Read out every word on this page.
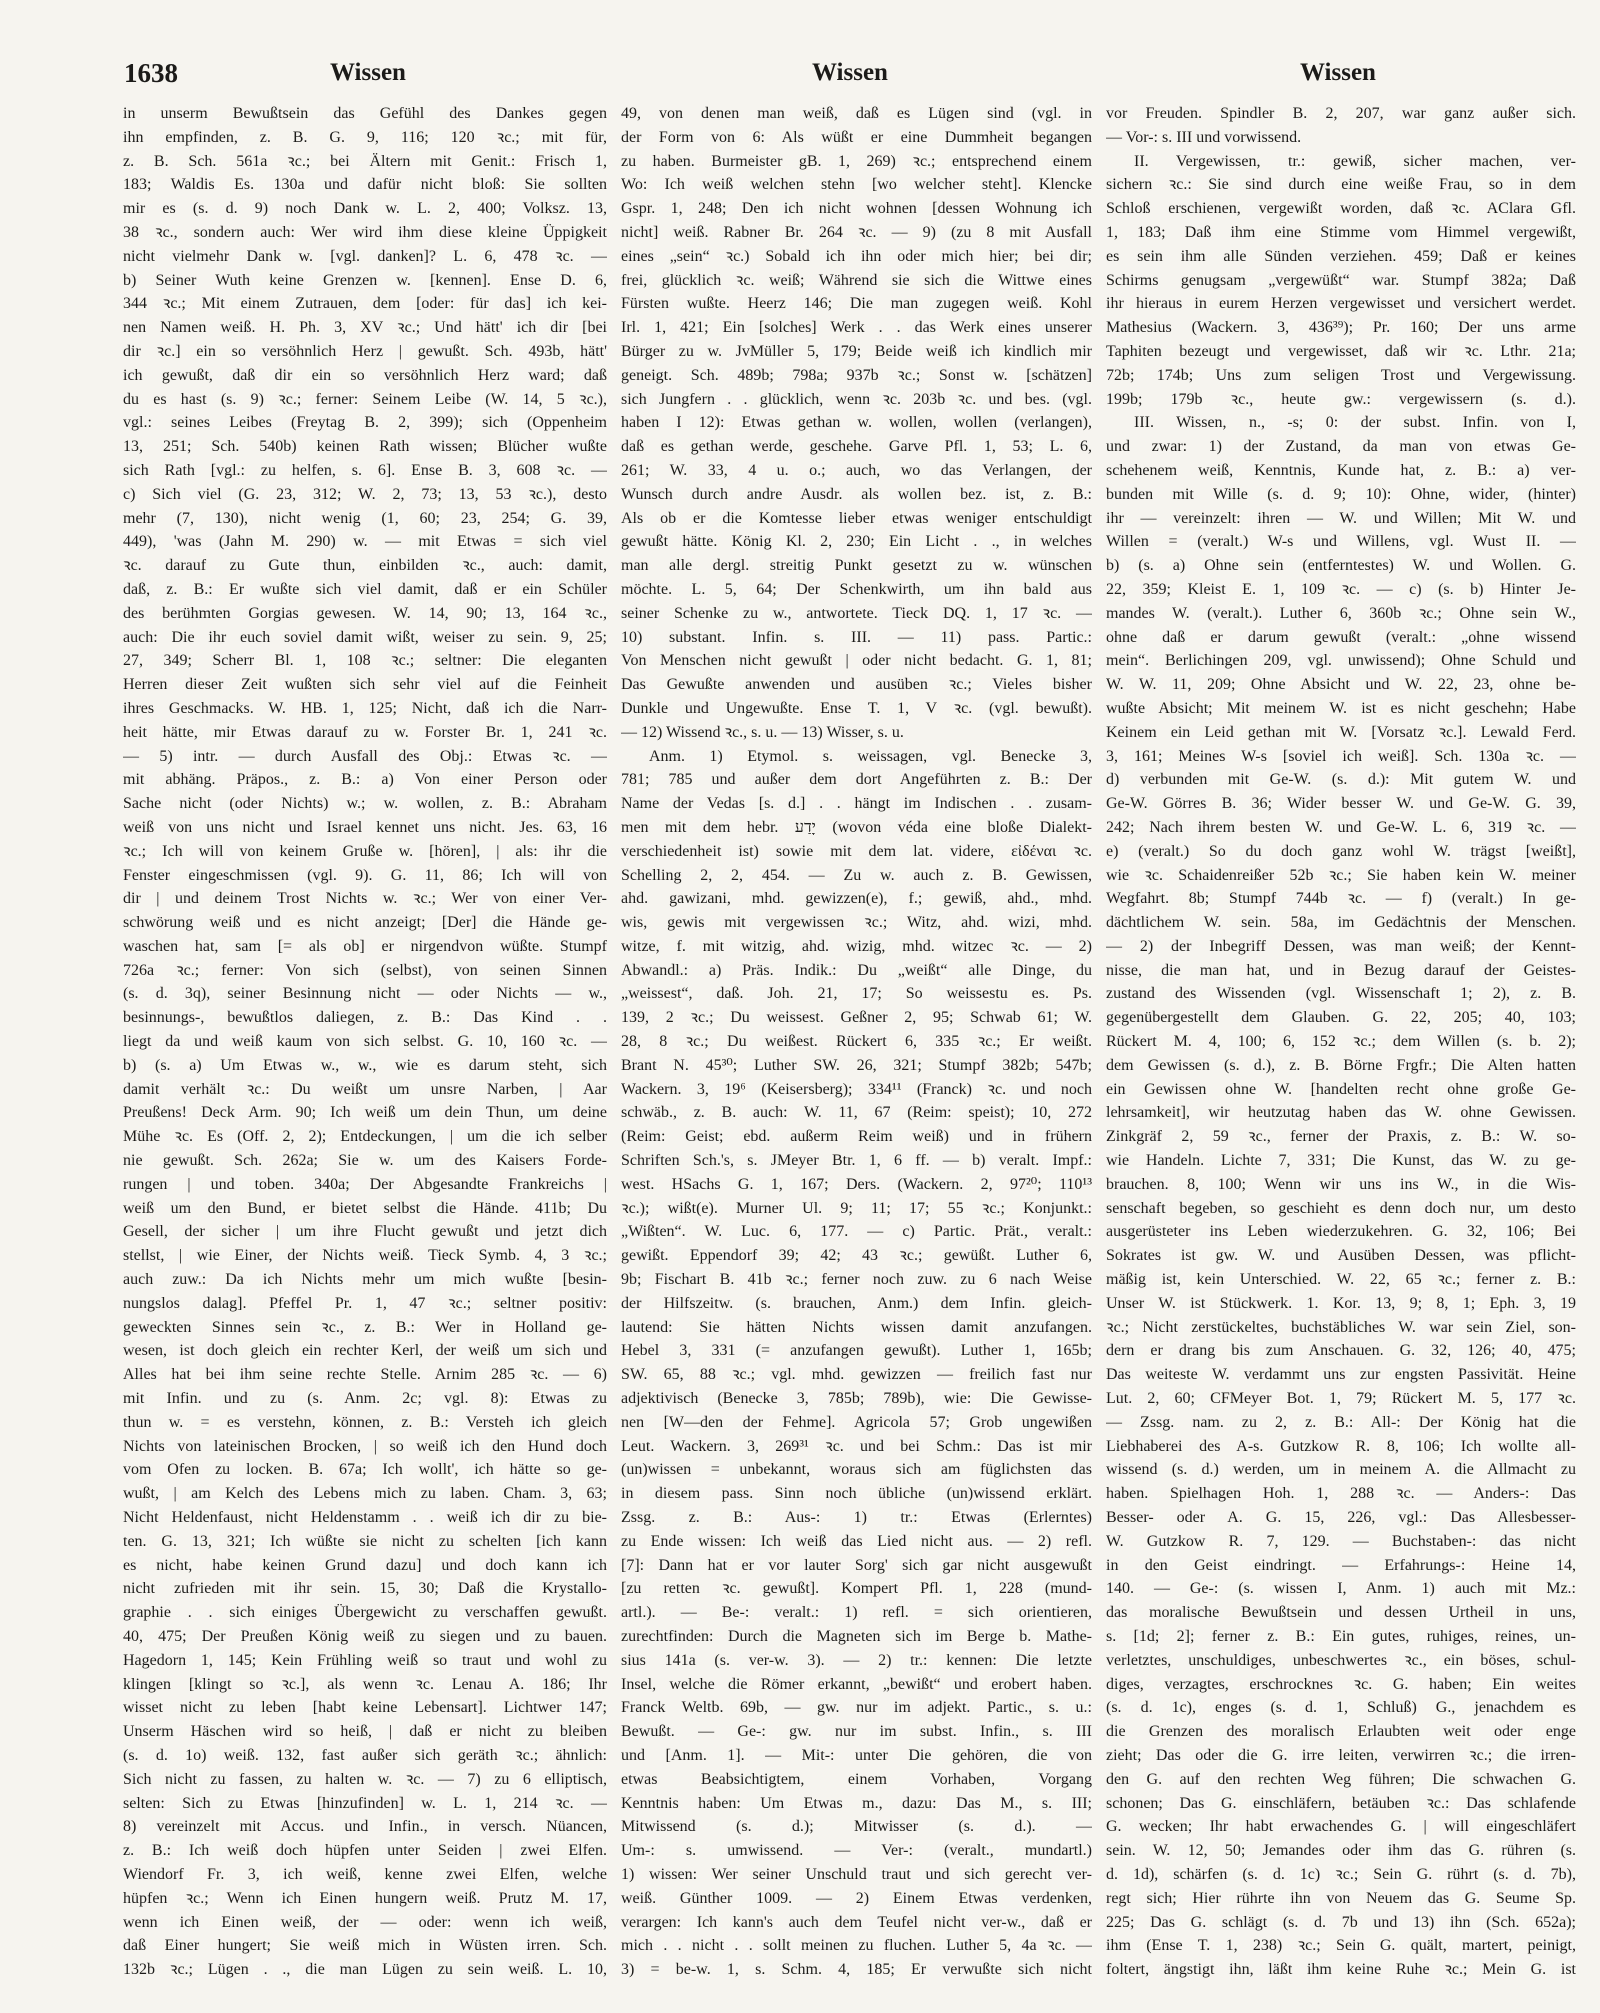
1638	Wissen	Wissen	Wissen
in unserm Bewußtsein das Gefühl des Dankes gegen
ihn empfinden, z. B. G. 9, 116; 120 ꝛc.; mit für,
z. B. Sch. 561a ꝛc.; bei Ältern mit Genit.: Frisch 1,
183; Waldis Es. 130a und dafür nicht bloß: Sie sollten
mir es (s. d. 9) noch Dank w. L. 2, 400; Volksz. 13,
38 ꝛc., sondern auch: Wer wird ihm diese kleine Üppigkeit
nicht vielmehr Dank w. [vgl. danken]? L. 6, 478 ꝛc. —
b) Seiner Wuth keine Grenzen w. [kennen]. Ense D. 6,
344 ꝛc.; Mit einem Zutrauen, dem [oder: für das] ich kei-
nen Namen weiß. H. Ph. 3, XV ꝛc.; Und hätt' ich dir [bei
dir ꝛc.] ein so versöhnlich Herz | gewußt. Sch. 493b, hätt'
ich gewußt, daß dir ein so versöhnlich Herz ward; daß
du es hast (s. 9) ꝛc.; ferner: Seinem Leibe (W. 14, 5 ꝛc.),
vgl.: seines Leibes (Freytag B. 2, 399); sich (Oppenheim
13, 251; Sch. 540b) keinen Rath wissen; Blücher wußte
sich Rath [vgl.: zu helfen, s. 6]. Ense B. 3, 608 ꝛc. —
c) Sich viel (G. 23, 312; W. 2, 73; 13, 53 ꝛc.), desto
mehr (7, 130), nicht wenig (1, 60; 23, 254; G. 39,
449), 'was (Jahn M. 290) w. — mit Etwas = sich viel
ꝛc. darauf zu Gute thun, einbilden ꝛc., auch: damit,
daß, z. B.: Er wußte sich viel damit, daß er ein Schüler
des berühmten Gorgias gewesen. W. 14, 90; 13, 164 ꝛc.,
auch: Die ihr euch soviel damit wißt, weiser zu sein. 9, 25;
27, 349; Scherr Bl. 1, 108 ꝛc.; seltner: Die eleganten
Herren dieser Zeit wußten sich sehr viel auf die Feinheit
ihres Geschmacks. W. HB. 1, 125; Nicht, daß ich die Narr-
heit hätte, mir Etwas darauf zu w. Forster Br. 1, 241 ꝛc.
— 5) intr. — durch Ausfall des Obj.: Etwas ꝛc. —
mit abhäng. Präpos., z. B.: a) Von einer Person oder
Sache nicht (oder Nichts) w.; w. wollen, z. B.: Abraham
weiß von uns nicht und Israel kennet uns nicht. Jes. 63, 16
ꝛc.; Ich will von keinem Gruße w. [hören], | als: ihr die
Fenster eingeschmissen (vgl. 9). G. 11, 86; Ich will von
dir | und deinem Trost Nichts w. ꝛc.; Wer von einer Ver-
schwörung weiß und es nicht anzeigt; [Der] die Hände ge-
waschen hat, sam [= als ob] er nirgendvon wüßte. Stumpf
726a ꝛc.; ferner: Von sich (selbst), von seinen Sinnen
(s. d. 3q), seiner Besinnung nicht — oder Nichts — w.,
besinnungs-, bewußtlos daliegen, z. B.: Das Kind . .
liegt da und weiß kaum von sich selbst. G. 10, 160 ꝛc. —
b) (s. a) Um Etwas w., w., wie es darum steht, sich
damit verhält ꝛc.: Du weißt um unsre Narben, | Aar
Preußens! Deck Arm. 90; Ich weiß um dein Thun, um deine
Mühe ꝛc. Es (Off. 2, 2); Entdeckungen, | um die ich selber
nie gewußt. Sch. 262a; Sie w. um des Kaisers Forde-
rungen | und toben. 340a; Der Abgesandte Frankreichs |
weiß um den Bund, er bietet selbst die Hände. 411b; Du
Gesell, der sicher | um ihre Flucht gewußt und jetzt dich
stellst, | wie Einer, der Nichts weiß. Tieck Symb. 4, 3 ꝛc.;
auch zuw.: Da ich Nichts mehr um mich wußte [besin-
nungslos dalag]. Pfeffel Pr. 1, 47 ꝛc.; seltner positiv:
geweckten Sinnes sein ꝛc., z. B.: Wer in Holland ge-
wesen, ist doch gleich ein rechter Kerl, der weiß um sich und
Alles hat bei ihm seine rechte Stelle. Arnim 285 ꝛc. — 6)
mit Infin. und zu (s. Anm. 2c; vgl. 8): Etwas zu
thun w. = es verstehn, können, z. B.: Versteh ich gleich
Nichts von lateinischen Brocken, | so weiß ich den Hund doch
vom Ofen zu locken. B. 67a; Ich wollt', ich hätte so ge-
wußt, | am Kelch des Lebens mich zu laben. Cham. 3, 63;
Nicht Heldenfaust, nicht Heldenstamm . . weiß ich dir zu bie-
ten. G. 13, 321; Ich wüßte sie nicht zu schelten [ich kann
es nicht, habe keinen Grund dazu] und doch kann ich
nicht zufrieden mit ihr sein. 15, 30; Daß die Krystallo-
graphie . . sich einiges Übergewicht zu verschaffen gewußt.
40, 475; Der Preußen König weiß zu siegen und zu bauen.
Hagedorn 1, 145; Kein Frühling weiß so traut und wohl zu
klingen [klingt so ꝛc.], als wenn ꝛc. Lenau A. 186; Ihr
wisset nicht zu leben [habt keine Lebensart]. Lichtwer 147;
Unserm Häschen wird so heiß, | daß er nicht zu bleiben
(s. d. 1o) weiß. 132, fast außer sich geräth ꝛc.; ähnlich:
Sich nicht zu fassen, zu halten w. ꝛc. — 7) zu 6 elliptisch,
selten: Sich zu Etwas [hinzufinden] w. L. 1, 214 ꝛc. —
8) vereinzelt mit Accus. und Infin., in versch. Nüancen,
z. B.: Ich weiß doch hüpfen unter Seiden | zwei Elfen.
Wiendorf Fr. 3, ich weiß, kenne zwei Elfen, welche
hüpfen ꝛc.; Wenn ich Einen hungern weiß. Prutz M. 17,
wenn ich Einen weiß, der — oder: wenn ich weiß,
daß Einer hungert; Sie weiß mich in Wüsten irren. Sch.
132b ꝛc.; Lügen . ., die man Lügen zu sein weiß. L. 10,
49, von denen man weiß, daß es Lügen sind (vgl. in
der Form von 6: Als wüßt er eine Dummheit begangen
zu haben. Burmeister gB. 1, 269) ꝛc.; entsprechend einem
Wo: Ich weiß welchen stehn [wo welcher steht]. Klencke
Gspr. 1, 248; Den ich nicht wohnen [dessen Wohnung ich
nicht] weiß. Rabner Br. 264 ꝛc. — 9) (zu 8 mit Ausfall
eines „sein“ ꝛc.) Sobald ich ihn oder mich hier; bei dir;
frei, glücklich ꝛc. weiß; Während sie sich die Wittwe eines
Fürsten wußte. Heerz 146; Die man zugegen weiß. Kohl
Irl. 1, 421; Ein [solches] Werk . . das Werk eines unserer
Bürger zu w. JvMüller 5, 179; Beide weiß ich kindlich mir
geneigt. Sch. 489b; 798a; 937b ꝛc.; Sonst w. [schätzen]
sich Jungfern . . glücklich, wenn ꝛc. 203b ꝛc. und bes. (vgl.
haben I 12): Etwas gethan w. wollen, wollen (verlangen),
daß es gethan werde, geschehe. Garve Pfl. 1, 53; L. 6,
261; W. 33, 4 u. o.; auch, wo das Verlangen, der
Wunsch durch andre Ausdr. als wollen bez. ist, z. B.:
Als ob er die Komtesse lieber etwas weniger entschuldigt
gewußt hätte. König Kl. 2, 230; Ein Licht . ., in welches
man alle dergl. streitig Punkt gesetzt zu w. wünschen
möchte. L. 5, 64; Der Schenkwirth, um ihn bald aus
seiner Schenke zu w., antwortete. Tieck DQ. 1, 17 ꝛc. —
10) substant. Infin. s. III. — 11) pass. Partic.:
Von Menschen nicht gewußt | oder nicht bedacht. G. 1, 81;
Das Gewußte anwenden und ausüben ꝛc.; Vieles bisher
Dunkle und Ungewußte. Ense T. 1, V ꝛc. (vgl. bewußt).
— 12) Wissend ꝛc., s. u. — 13) Wisser, s. u.
Anm. 1) Etymol. s. weissagen, vgl. Benecke 3,
781; 785 und außer dem dort Angeführten z. B.: Der
Name der Vedas [s. d.] . . hängt im Indischen . . zusam-
men mit dem hebr. יָדַע (wovon véda eine bloße Dialekt-
verschiedenheit ist) sowie mit dem lat. videre, εἰδέναι ꝛc.
Schelling 2, 2, 454. — Zu w. auch z. B. Gewissen,
ahd. gawizani, mhd. gewizzen(e), f.; gewiß, ahd., mhd.
wis, gewis mit vergewissen ꝛc.; Witz, ahd. wizi, mhd.
witze, f. mit witzig, ahd. wizig, mhd. witzec ꝛc. — 2)
Abwandl.: a) Präs. Indik.: Du „weißt“ alle Dinge, du
„weissest“, daß. Joh. 21, 17; So weissestu es. Ps.
139, 2 ꝛc.; Du weissest. Geßner 2, 95; Schwab 61; W.
28, 8 ꝛc.; Du weißest. Rückert 6, 335 ꝛc.; Er weißt.
Brant N. 45³⁰; Luther SW. 26, 321; Stumpf 382b; 547b;
Wackern. 3, 19⁶ (Keisersberg); 334¹¹ (Franck) ꝛc. und noch
schwäb., z. B. auch: W. 11, 67 (Reim: speist); 10, 272
(Reim: Geist; ebd. außerm Reim weiß) und in frühern
Schriften Sch.'s, s. JMeyer Btr. 1, 6 ff. — b) veralt. Impf.:
west. HSachs G. 1, 167; Ders. (Wackern. 2, 97²⁰; 110¹³
ꝛc.); wißt(e). Murner Ul. 9; 11; 17; 55 ꝛc.; Konjunkt.:
„Wißten“. W. Luc. 6, 177. — c) Partic. Prät., veralt.:
gewißt. Eppendorf 39; 42; 43 ꝛc.; gewüßt. Luther 6,
9b; Fischart B. 41b ꝛc.; ferner noch zuw. zu 6 nach Weise
der Hilfszeitw. (s. brauchen, Anm.) dem Infin. gleich-
lautend: Sie hätten Nichts wissen damit anzufangen.
Hebel 3, 331 (= anzufangen gewußt). Luther 1, 165b;
SW. 65, 88 ꝛc.; vgl. mhd. gewizzen — freilich fast nur
adjektivisch (Benecke 3, 785b; 789b), wie: Die Gewisse-
nen [W—den der Fehme]. Agricola 57; Grob ungewißen
Leut. Wackern. 3, 269³¹ ꝛc. und bei Schm.: Das ist mir
(un)wissen = unbekannt, woraus sich am füglichsten das
in diesem pass. Sinn noch übliche (un)wissend erklärt.
Zssg. z. B.: Aus-: 1) tr.: Etwas (Erlerntes)
zu Ende wissen: Ich weiß das Lied nicht aus. — 2) refl.
[7]: Dann hat er vor lauter Sorg' sich gar nicht ausgewußt
[zu retten ꝛc. gewußt]. Kompert Pfl. 1, 228 (mund-
artl.). — Be-: veralt.: 1) refl. = sich orientieren,
zurechtfinden: Durch die Magneten sich im Berge b. Mathe-
sius 141a (s. ver-w. 3). — 2) tr.: kennen: Die letzte
Insel, welche die Römer erkannt, „bewißt“ und erobert haben.
Franck Weltb. 69b, — gw. nur im adjekt. Partic., s. u.:
Bewußt. — Ge-: gw. nur im subst. Infin., s. III
und [Anm. 1]. — Mit-: unter Die gehören, die von
etwas Beabsichtigtem, einem Vorhaben, Vorgang
Kenntnis haben: Um Etwas m., dazu: Das M., s. III;
Mitwissend (s. d.); Mitwisser (s. d.). —
Um-: s. umwissend. — Ver-: (veralt., mundartl.)
1) wissen: Wer seiner Unschuld traut und sich gerecht ver-
weiß. Günther 1009. — 2) Einem Etwas verdenken,
verargen: Ich kann's auch dem Teufel nicht ver-w., daß er
mich . . nicht . . sollt meinen zu fluchen. Luther 5, 4a ꝛc. —
3) = be-w. 1, s. Schm. 4, 185; Er verwußte sich nicht
vor Freuden. Spindler B. 2, 207, war ganz außer sich.
— Vor-: s. III und vorwissend.
II. Vergewissen, tr.: gewiß, sicher machen, ver-
sichern ꝛc.: Sie sind durch eine weiße Frau, so in dem
Schloß erschienen, vergewißt worden, daß ꝛc. AClara Gfl.
1, 183; Daß ihm eine Stimme vom Himmel vergewißt,
es sein ihm alle Sünden verziehen. 459; Daß er keines
Schirms genugsam „vergewüßt“ war. Stumpf 382a; Daß
ihr hieraus in eurem Herzen vergewisset und versichert werdet.
Mathesius (Wackern. 3, 436³⁹); Pr. 160; Der uns arme
Taphiten bezeugt und vergewisset, daß wir ꝛc. Lthr. 21a;
72b; 174b; Uns zum seligen Trost und Vergewissung.
199b; 179b ꝛc., heute gw.: vergewissern (s. d.).
III. Wissen, n., -s; 0: der subst. Infin. von I,
und zwar: 1) der Zustand, da man von etwas Ge-
schehenem weiß, Kenntnis, Kunde hat, z. B.: a) ver-
bunden mit Wille (s. d. 9; 10): Ohne, wider, (hinter)
ihr — vereinzelt: ihren — W. und Willen; Mit W. und
Willen = (veralt.) W-s und Willens, vgl. Wust II. —
b) (s. a) Ohne sein (entferntestes) W. und Wollen. G.
22, 359; Kleist E. 1, 109 ꝛc. — c) (s. b) Hinter Je-
mandes W. (veralt.). Luther 6, 360b ꝛc.; Ohne sein W.,
ohne daß er darum gewußt (veralt.: „ohne wissend
mein“. Berlichingen 209, vgl. unwissend); Ohne Schuld und
W. W. 11, 209; Ohne Absicht und W. 22, 23, ohne be-
wußte Absicht; Mit meinem W. ist es nicht geschehn; Habe
Keinem ein Leid gethan mit W. [Vorsatz ꝛc.]. Lewald Ferd.
3, 161; Meines W-s [soviel ich weiß]. Sch. 130a ꝛc. —
d) verbunden mit Ge-W. (s. d.): Mit gutem W. und
Ge-W. Görres B. 36; Wider besser W. und Ge-W. G. 39,
242; Nach ihrem besten W. und Ge-W. L. 6, 319 ꝛc. —
e) (veralt.) So du doch ganz wohl W. trägst [weißt],
wie ꝛc. Schaidenreißer 52b ꝛc.; Sie haben kein W. meiner
Wegfahrt. 8b; Stumpf 744b ꝛc. — f) (veralt.) In ge-
dächtlichem W. sein. 58a, im Gedächtnis der Menschen.
— 2) der Inbegriff Dessen, was man weiß; der Kennt-
nisse, die man hat, und in Bezug darauf der Geistes-
zustand des Wissenden (vgl. Wissenschaft 1; 2), z. B.
gegenübergestellt dem Glauben. G. 22, 205; 40, 103;
Rückert M. 4, 100; 6, 152 ꝛc.; dem Willen (s. b. 2);
dem Gewissen (s. d.), z. B. Börne Frgfr.; Die Alten hatten
ein Gewissen ohne W. [handelten recht ohne große Ge-
lehrsamkeit], wir heutzutag haben das W. ohne Gewissen.
Zinkgräf 2, 59 ꝛc., ferner der Praxis, z. B.: W. so-
wie Handeln. Lichte 7, 331; Die Kunst, das W. zu ge-
brauchen. 8, 100; Wenn wir uns ins W., in die Wis-
senschaft begeben, so geschieht es denn doch nur, um desto
ausgerüsteter ins Leben wiederzukehren. G. 32, 106; Bei
Sokrates ist gw. W. und Ausüben Dessen, was pflicht-
mäßig ist, kein Unterschied. W. 22, 65 ꝛc.; ferner z. B.:
Unser W. ist Stückwerk. 1. Kor. 13, 9; 8, 1; Eph. 3, 19
ꝛc.; Nicht zerstückeltes, buchstäbliches W. war sein Ziel, son-
dern er drang bis zum Anschauen. G. 32, 126; 40, 475;
Das weiteste W. verdammt uns zur engsten Passivität. Heine
Lut. 2, 60; CFMeyer Bot. 1, 79; Rückert M. 5, 177 ꝛc.
— Zssg. nam. zu 2, z. B.: All-: Der König hat die
Liebhaberei des A-s. Gutzkow R. 8, 106; Ich wollte all-
wissend (s. d.) werden, um in meinem A. die Allmacht zu
haben. Spielhagen Hoh. 1, 288 ꝛc. — Anders-: Das
Besser- oder A. G. 15, 226, vgl.: Das Allesbesser-
W. Gutzkow R. 7, 129. — Buchstaben-: das nicht
in den Geist eindringt. — Erfahrungs-: Heine 14,
140. — Ge-: (s. wissen I, Anm. 1) auch mit Mz.:
das moralische Bewußtsein und dessen Urtheil in uns,
s. [1d; 2]; ferner z. B.: Ein gutes, ruhiges, reines, un-
verletztes, unschuldiges, unbeschwertes ꝛc., ein böses, schul-
diges, verzagtes, erschrocknes ꝛc. G. haben; Ein weites
(s. d. 1c), enges (s. d. 1, Schluß) G., jenachdem es
die Grenzen des moralisch Erlaubten weit oder enge
zieht; Das oder die G. irre leiten, verwirren ꝛc.; die irren-
den G. auf den rechten Weg führen; Die schwachen G.
schonen; Das G. einschläfern, betäuben ꝛc.: Das schlafende
G. wecken; Ihr habt erwachendes G. | will eingeschläfert
sein. W. 12, 50; Jemandes oder ihm das G. rühren (s.
d. 1d), schärfen (s. d. 1c) ꝛc.; Sein G. rührt (s. d. 7b),
regt sich; Hier rührte ihn von Neuem das G. Seume Sp.
225; Das G. schlägt (s. d. 7b und 13) ihn (Sch. 652a);
ihm (Ense T. 1, 238) ꝛc.; Sein G. quält, martert, peinigt,
foltert, ängstigt ihn, läßt ihm keine Ruhe ꝛc.; Mein G. ist
